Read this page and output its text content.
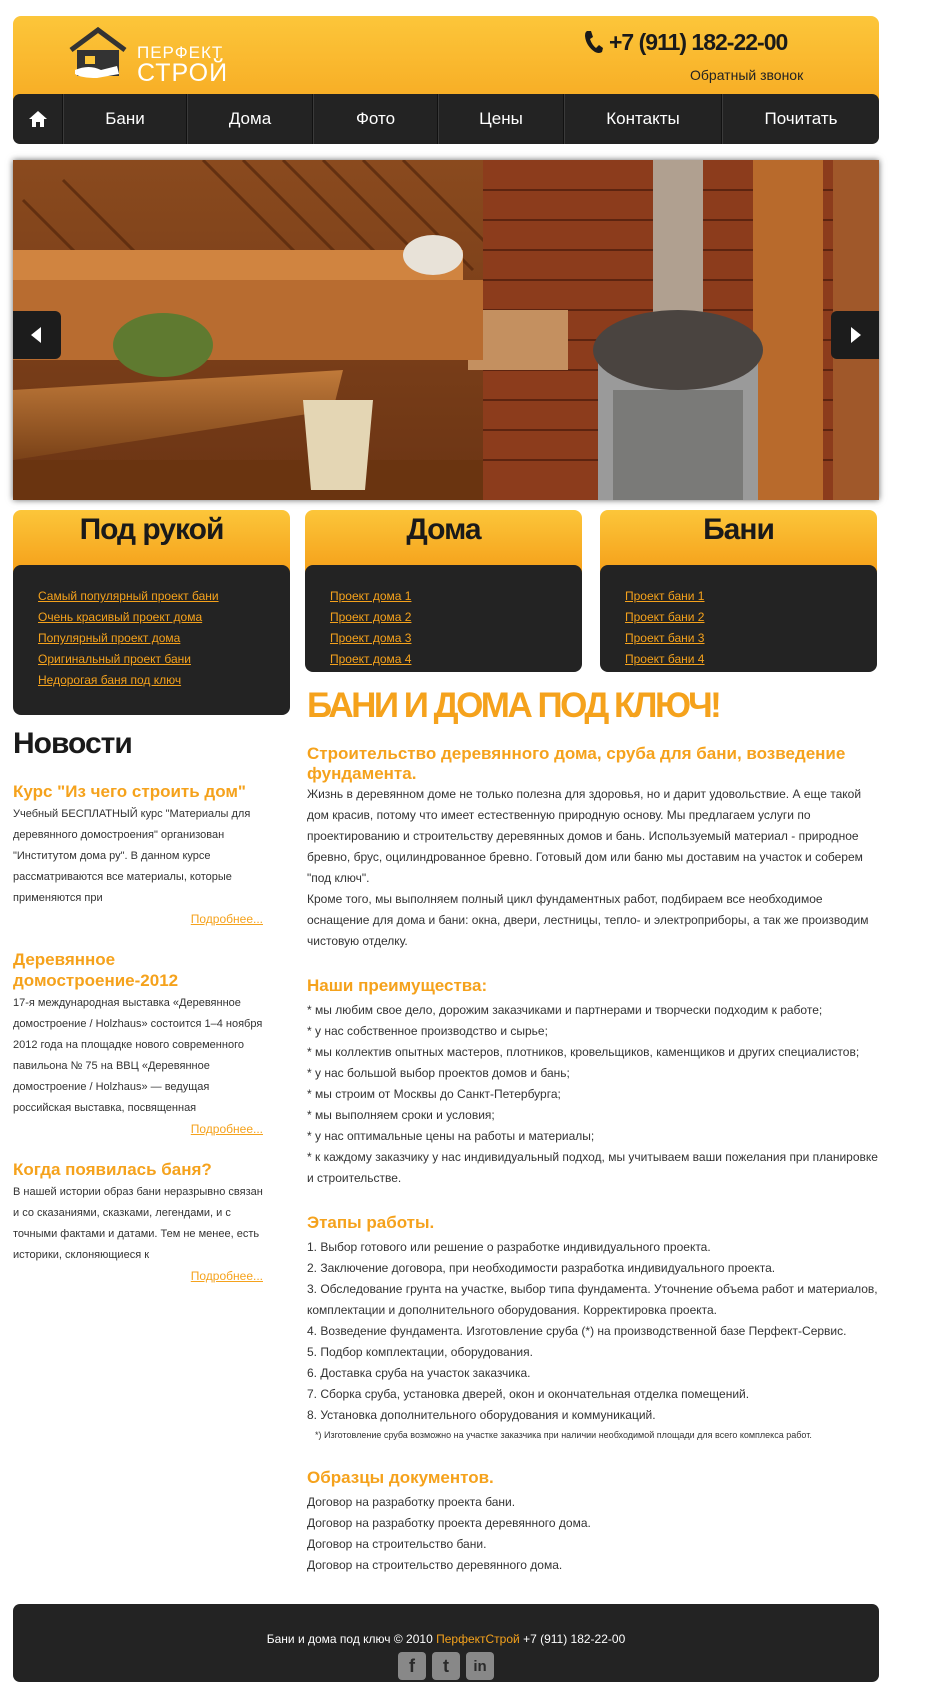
ПЕРФЕКТ
СТРОЙ
+7 (911) 182-22-00
Обратный звонок
Бани	Дома	Фото	Цены	Контакты	Почитать
Под рукой
Самый популярный проект бани
Очень красивый проект дома
Популярный проект дома
Оригинальный проект бани
Недорогая баня под ключ
Дома
Проект дома 1
Проект дома 2
Проект дома 3
Проект дома 4
Бани
Проект бани 1
Проект бани 2
Проект бани 3
Проект бани 4
Новости
Курс "Из чего строить дом"

Учебный БЕСПЛАТНЫЙ курс "Материалы для деревянного домостроения" организован "Институтом дома ру". В данном курсе рассматриваются все материалы, которые применяются при

Подробнее...
Деревянное домостроение-2012

17-я международная выставка «Деревянное домостроение / Holzhaus» состоится 1–4 ноября 2012 года на площадке нового современного павильона № 75 на ВВЦ «Деревянное домостроение / Holzhaus» — ведущая российская выставка, посвященная

Подробнее...
Когда появилась баня?

В нашей истории образ бани неразрывно связан и со сказаниями, сказками, легендами, и с точными фактами и датами. Тем не менее, есть историки, склоняющиеся к

Подробнее...
БАНИ И ДОМА ПОД КЛЮЧ!
Строительство деревянного дома, сруба для бани, возведение фундамента.

Жизнь в деревянном доме не только полезна для здоровья, но и дарит удовольствие. А еще такой дом красив, потому что имеет естественную природную основу. Мы предлагаем услуги по проектированию и строительству деревянных домов и бань. Используемый материал - природное бревно, брус, оцилиндрованное бревно. Готовый дом или баню мы доставим на участок и соберем "под ключ".

Кроме того, мы выполняем полный цикл фундаментных работ, подбираем все необходимое оснащение для дома и бани: окна, двери, лестницы, тепло- и электроприборы, а так же производим чистовую отделку.

Наши преимущества:
* мы любим свое дело, дорожим заказчиками и партнерами и творчески подходим к работе;
* у нас собственное производство и сырье;
* мы коллектив опытных мастеров, плотников, кровельщиков, каменщиков и других специалистов;
* у нас большой выбор проектов домов и бань;
* мы строим от Москвы до Санкт-Петербурга;
* мы выполняем сроки и условия;
* у нас оптимальные цены на работы и материалы;
* к каждому заказчику у нас индивидуальный подход, мы учитываем ваши пожелания при планировке и строительстве.
Этапы работы.
1. Выбор готового или решение о разработке индивидуального проекта.
2. Заключение договора, при необходимости разработка индивидуального проекта.
3. Обследование грунта на участке, выбор типа фундамента. Уточнение объема работ и материалов, комплектации и дополнительного оборудования. Корректировка проекта.
4. Возведение фундамента. Изготовление сруба (*) на производственной базе Перфект-Сервис.
5. Подбор комплектации, оборудования.
6. Доставка сруба на участок заказчика.
7. Сборка сруба, установка дверей, окон и окончательная отделка помещений.
8. Установка дополнительного оборудования и коммуникаций.

*) Изготовление сруба возможно на участке заказчика при наличии необходимой площади для всего комплекса работ.

Образцы документов.
Договор на разработку проекта бани.
Договор на разработку проекта деревянного дома.
Договор на строительство бани.
Договор на строительство деревянного дома.
Бани и дома под ключ © 2010 ПерфектСтрой +7 (911) 182-22-00
f	t	in
